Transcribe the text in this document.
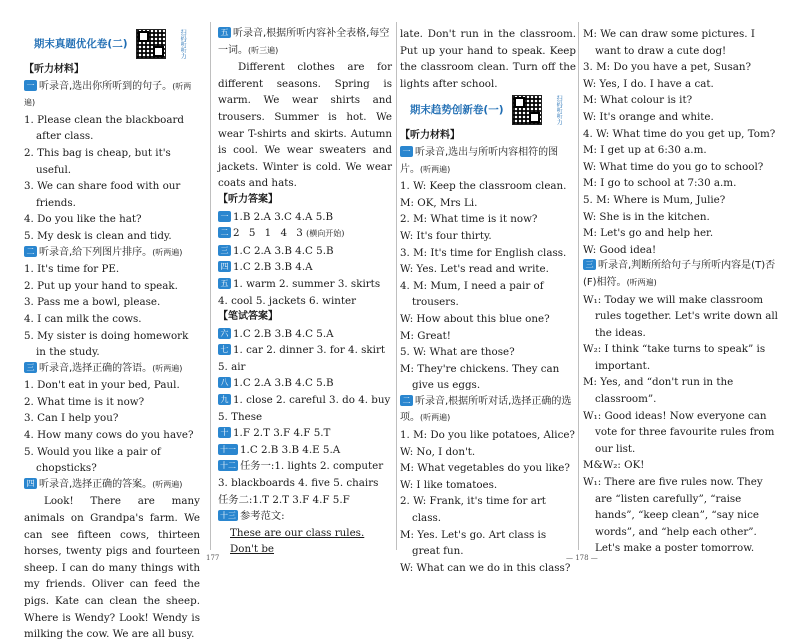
期末真题优化卷(二)	扫码听听力
【听力材料】
一 听录音,选出你所听到的句子。(听两遍)
1. Please clean the blackboard after class.
2. This bag is cheap, but it's useful.
3. We can share food with our friends.
4. Do you like the hat?
5. My desk is clean and tidy.
二 听录音,给下列图片排序。(听两遍)
1. It's time for PE.
2. Put up your hand to speak.
3. Pass me a bowl, please.
4. I can milk the cows.
5. My sister is doing homework in the study.
三 听录音,选择正确的答语。(听两遍)
1. Don't eat in your bed, Paul.
2. What time is it now?
3. Can I help you?
4. How many cows do you have?
5. Would you like a pair of chopsticks?
四 听录音,选择正确的答案。(听两遍)

Look! There are many animals on Grandpa's farm. We can see fifteen cows, thirteen horses, twenty pigs and fourteen sheep. I can do many things with my friends. Oliver can feed the pigs. Kate can clean the sheep. Where is Wendy? Look! Wendy is milking the cow. We are all busy.

五 听录音,根据所听内容补全表格,每空一词。(听三遍)

Different clothes are for different seasons. Spring is warm. We wear shirts and trousers. Summer is hot. We wear T-shirts and skirts. Autumn is cool. We wear sweaters and jackets. Winter is cold. We wear coats and hats.

【听力答案】
一 1.B 2.A 3.C 4.A 5.B
二 2 5 1 4 3 (横向开始)
三 1.C 2.A 3.B 4.C 5.B
四 1.C 2.B 3.B 4.A
五 1. warm 2. summer 3. skirts
4. cool 5. jackets 6. winter
【笔试答案】
六 1.C 2.B 3.B 4.C 5.A
七 1. car 2. dinner 3. for 4. skirt
5. air
八 1.C 2.A 3.B 4.C 5.B
九 1. close 2. careful 3. do 4. buy
5. These
十 1.F 2.T 3.F 4.F 5.T
十一 1.C 2.B 3.B 4.E 5.A
十二 任务一:1. lights 2. computer
3. blackboards 4. five 5. chairs
任务二:1.T 2.T 3.F 4.F 5.F
十三 参考范文:
These are our class rules. Don't be
177

late. Don't run in the classroom. Put up your hand to speak. Keep the classroom clean. Turn off the lights after school.

期末趋势创新卷(一)	扫码听听力
【听力材料】
一 听录音,选出与所听内容相符的图片。(听两遍)
1. W: Keep the classroom clean.
M: OK, Mrs Li.
2. M: What time is it now?
W: It's four thirty.
3. M: It's time for English class.
W: Yes. Let's read and write.
4. M: Mum, I need a pair of trousers.
W: How about this blue one?
M: Great!
5. W: What are those?
M: They're chickens. They can give us eggs.
二 听录音,根据所听对话,选择正确的选项。(听两遍)
1. M: Do you like potatoes, Alice?
W: No, I don't.
M: What vegetables do you like?
W: I like tomatoes.
2. W: Frank, it's time for art class.
M: Yes. Let's go. Art class is great fun.
W: What can we do in this class?
— 178 —
M: We can draw some pictures. I want to draw a cute dog!
3. M: Do you have a pet, Susan?
W: Yes, I do. I have a cat.
M: What colour is it?
W: It's orange and white.
4. W: What time do you get up, Tom?
M: I get up at 6:30 a.m.
W: What time do you go to school?
M: I go to school at 7:30 a.m.
5. M: Where is Mum, Julie?
W: She is in the kitchen.
M: Let's go and help her.
W: Good idea!
三 听录音,判断所给句子与所听内容是(T)否(F)相符。(听两遍)
W₁: Today we will make classroom rules together. Let's write down all the ideas.
W₂: I think “take turns to speak” is important.
M: Yes, and “don't run in the classroom”.
W₁: Good ideas! Now everyone can vote for three favourite rules from our list.
M&W₂: OK!
W₁: There are five rules now. They are “listen carefully”, “raise hands”, “keep clean”, “say nice words”, and “help each other”. Let's make a poster tomorrow.
